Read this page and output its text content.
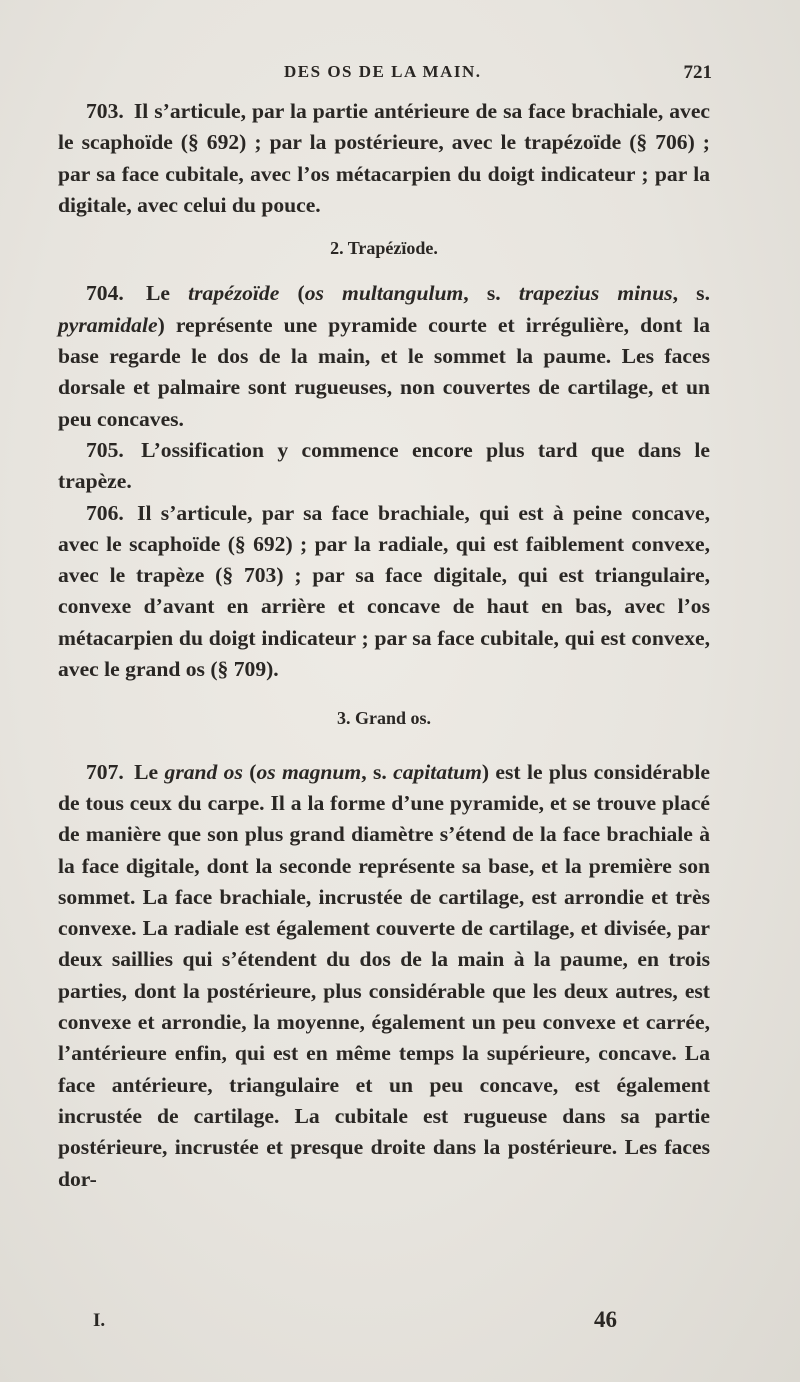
DES OS DE LA MAIN.	721

703. Il s’articule, par la partie antérieure de sa face brachiale, avec le scaphoïde (§ 692) ; par la postérieure, avec le trapézoïde (§ 706) ; par sa face cubitale, avec l’os métacarpien du doigt indicateur ; par la digitale, avec celui du pouce.

2. Trapézïode.

704. Le trapézoïde (os multangulum, s. trapezius minus, s. pyramidale) représente une pyramide courte et irrégulière, dont la base regarde le dos de la main, et le sommet la paume. Les faces dorsale et palmaire sont rugueuses, non couvertes de cartilage, et un peu concaves.

705. L’ossification y commence encore plus tard que dans le trapèze.

706. Il s’articule, par sa face brachiale, qui est à peine concave, avec le scaphoïde (§ 692) ; par la radiale, qui est faiblement convexe, avec le trapèze (§ 703) ; par sa face digitale, qui est triangulaire, convexe d’avant en arrière et concave de haut en bas, avec l’os métacarpien du doigt indicateur ; par sa face cubitale, qui est convexe, avec le grand os (§ 709).

3. Grand os.

707. Le grand os (os magnum, s. capitatum) est le plus considérable de tous ceux du carpe. Il a la forme d’une pyramide, et se trouve placé de manière que son plus grand diamètre s’étend de la face brachiale à la face digitale, dont la seconde représente sa base, et la première son sommet. La face brachiale, incrustée de cartilage, est arrondie et très convexe. La radiale est également couverte de cartilage, et divisée, par deux saillies qui s’étendent du dos de la main à la paume, en trois parties, dont la postérieure, plus considérable que les deux autres, est convexe et arrondie, la moyenne, également un peu convexe et carrée, l’antérieure enfin, qui est en même temps la supérieure, concave. La face antérieure, triangulaire et un peu concave, est également incrustée de cartilage. La cubitale est rugueuse dans sa partie postérieure, incrustée et presque droite dans la postérieure. Les faces dor-

I.	46
